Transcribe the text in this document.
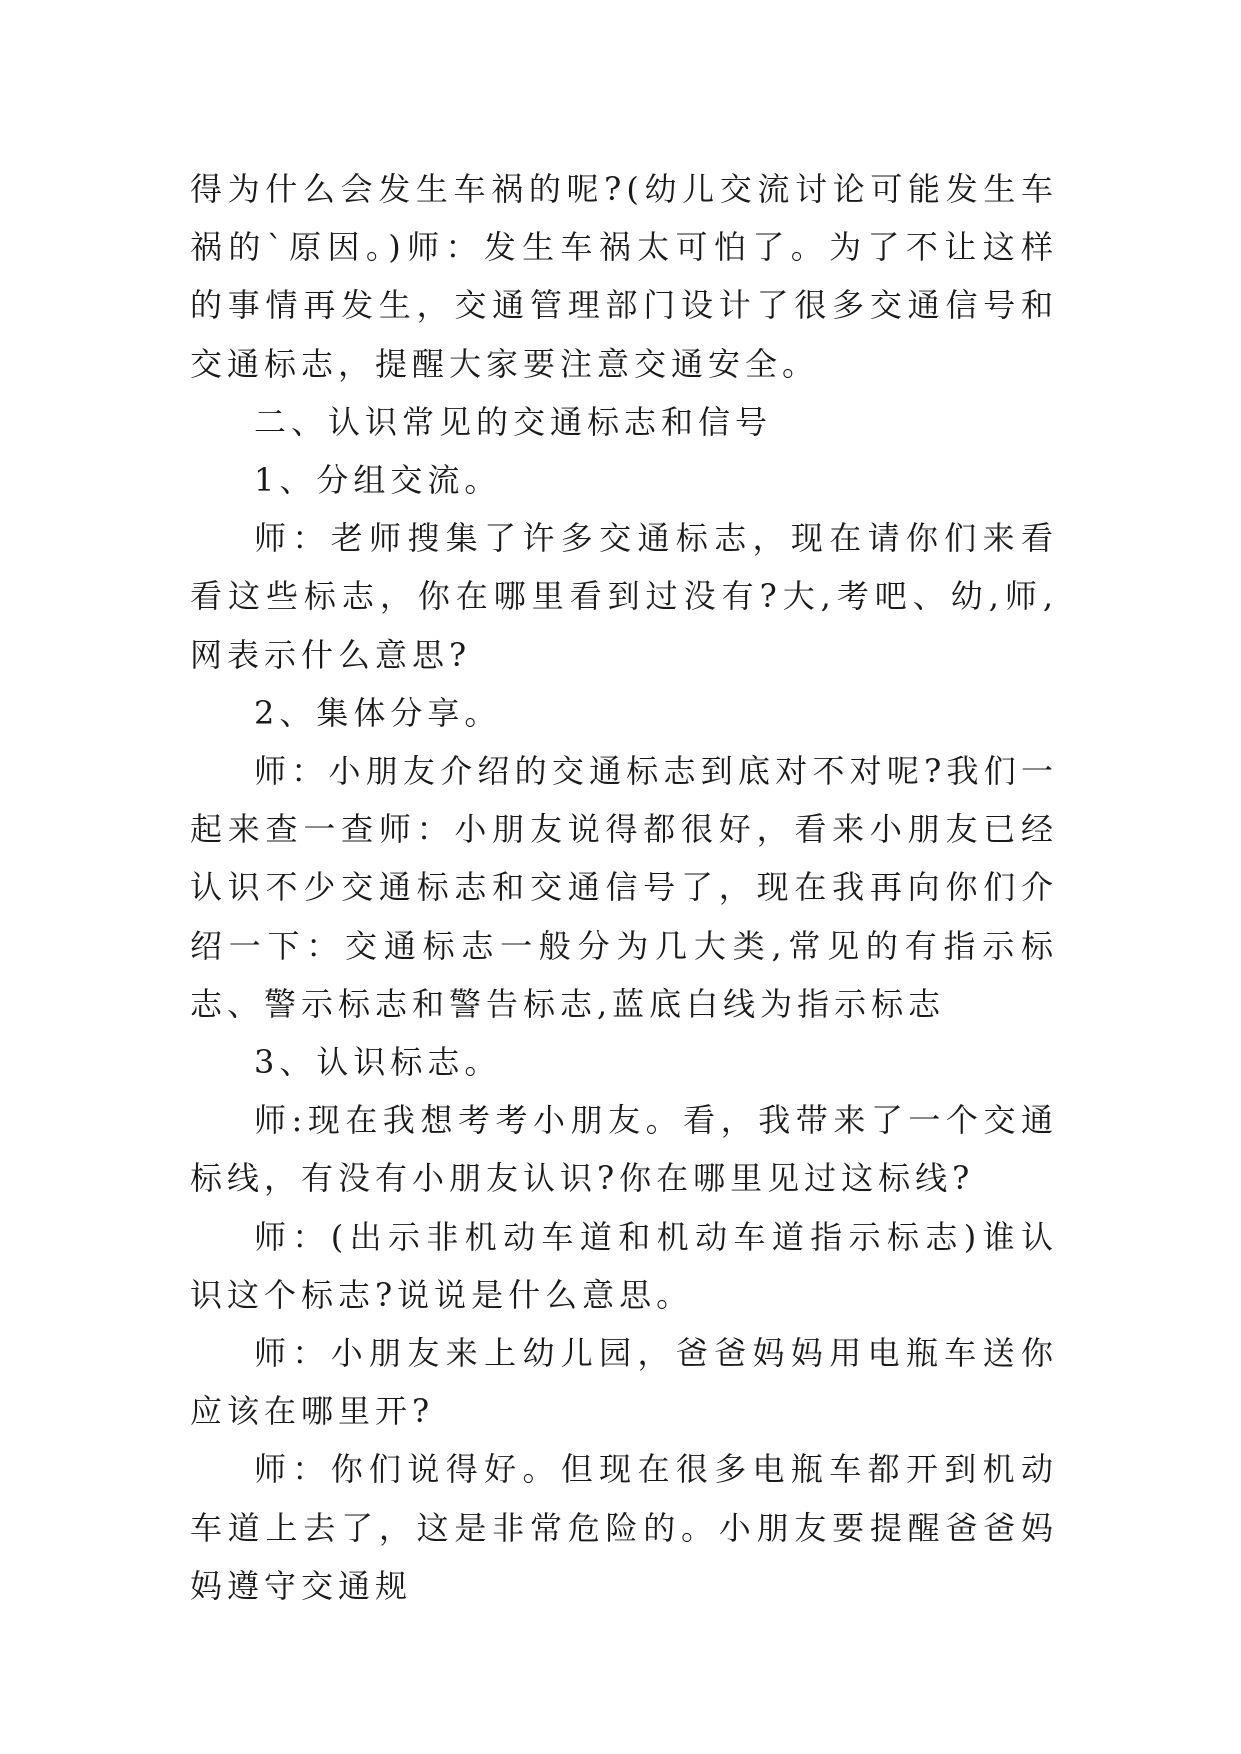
得为什么会发生车祸的呢?(幼儿交流讨论可能发生车祸的`原因。)师：发生车祸太可怕了。为了不让这样的事情再发生，交通管理部门设计了很多交通信号和交通标志，提醒大家要注意交通安全。

二、认识常见的交通标志和信号

1、分组交流。

师：老师搜集了许多交通标志，现在请你们来看看这些标志，你在哪里看到过没有?大,考吧、幼,师,网表示什么意思?

2、集体分享。

师：小朋友介绍的交通标志到底对不对呢?我们一起来查一查师：小朋友说得都很好，看来小朋友已经认识不少交通标志和交通信号了，现在我再向你们介绍一下：交通标志一般分为几大类,常见的有指示标志、警示标志和警告标志,蓝底白线为指示标志

3、认识标志。

师:现在我想考考小朋友。看，我带来了一个交通标线，有没有小朋友认识?你在哪里见过这标线?

师：(出示非机动车道和机动车道指示标志)谁认识这个标志?说说是什么意思。

师：小朋友来上幼儿园，爸爸妈妈用电瓶车送你应该在哪里开?

师：你们说得好。但现在很多电瓶车都开到机动车道上去了，这是非常危险的。小朋友要提醒爸爸妈妈遵守交通规
